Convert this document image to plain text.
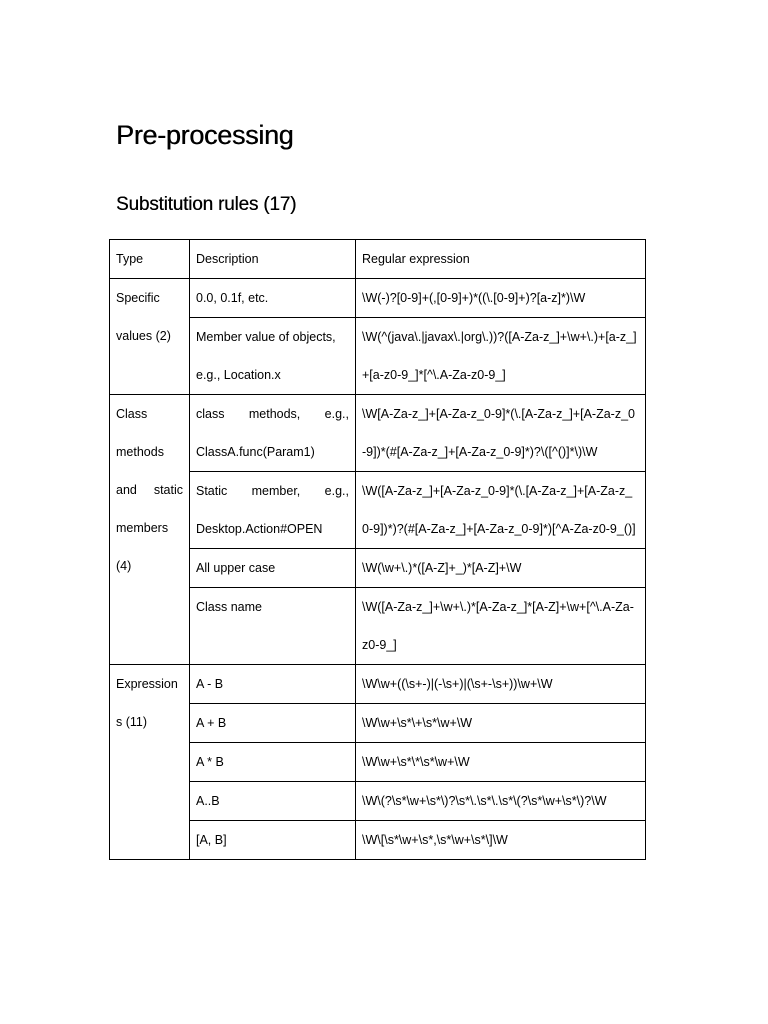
Pre-processing
Substitution rules (17)
Type	Description	Regular expression
Specific values (2)	0.0, 0.1f, etc.	\W(-)?[0-9]+(,[0-9]+)*((\.[0-9]+)?[a-z]*)\W
	Member value of objects, e.g., Location.x	\W(^(java\.|javax\.|org\.))?([A-Za-z_]+\w+\.)+[a-z_]+[a-z0-9_]*[^\.A-Za-z0-9_]
Class methods and static members (4)	class methods, e.g., ClassA.func(Param1)	\W[A-Za-z_]+[A-Za-z_0-9]*(\.[A-Za-z_]+[A-Za-z_0-9])*(#[A-Za-z_]+[A-Za-z_0-9]*)?\([^()]*\)\W
	Static member, e.g., Desktop.Action#OPEN	\W([A-Za-z_]+[A-Za-z_0-9]*(\.[A-Za-z_]+[A-Za-z_0-9])*)?(#[A-Za-z_]+[A-Za-z_0-9]*)[^A-Za-z0-9_()]
	All upper case	\W(\w+\.)*([A-Z]+_)*[A-Z]+\W
	Class name	\W([A-Za-z_]+\w+\.)*[A-Za-z_]*[A-Z]+\w+[^\.A-Za-z0-9_]
Expressions (11)	A - B	\W\w+((\s+-)|(-\s+)|(\s+-\s+))\w+\W
	A + B	\W\w+\s*\+\s*\w+\W
	A * B	\W\w+\s*\*\s*\w+\W
	A..B	\W\(?\s*\w+\s*\)?\s*\.\s*\.\s*\(?\s*\w+\s*\)?\W
	[A, B]	\W\[\s*\w+\s*,\s*\w+\s*\]\W
